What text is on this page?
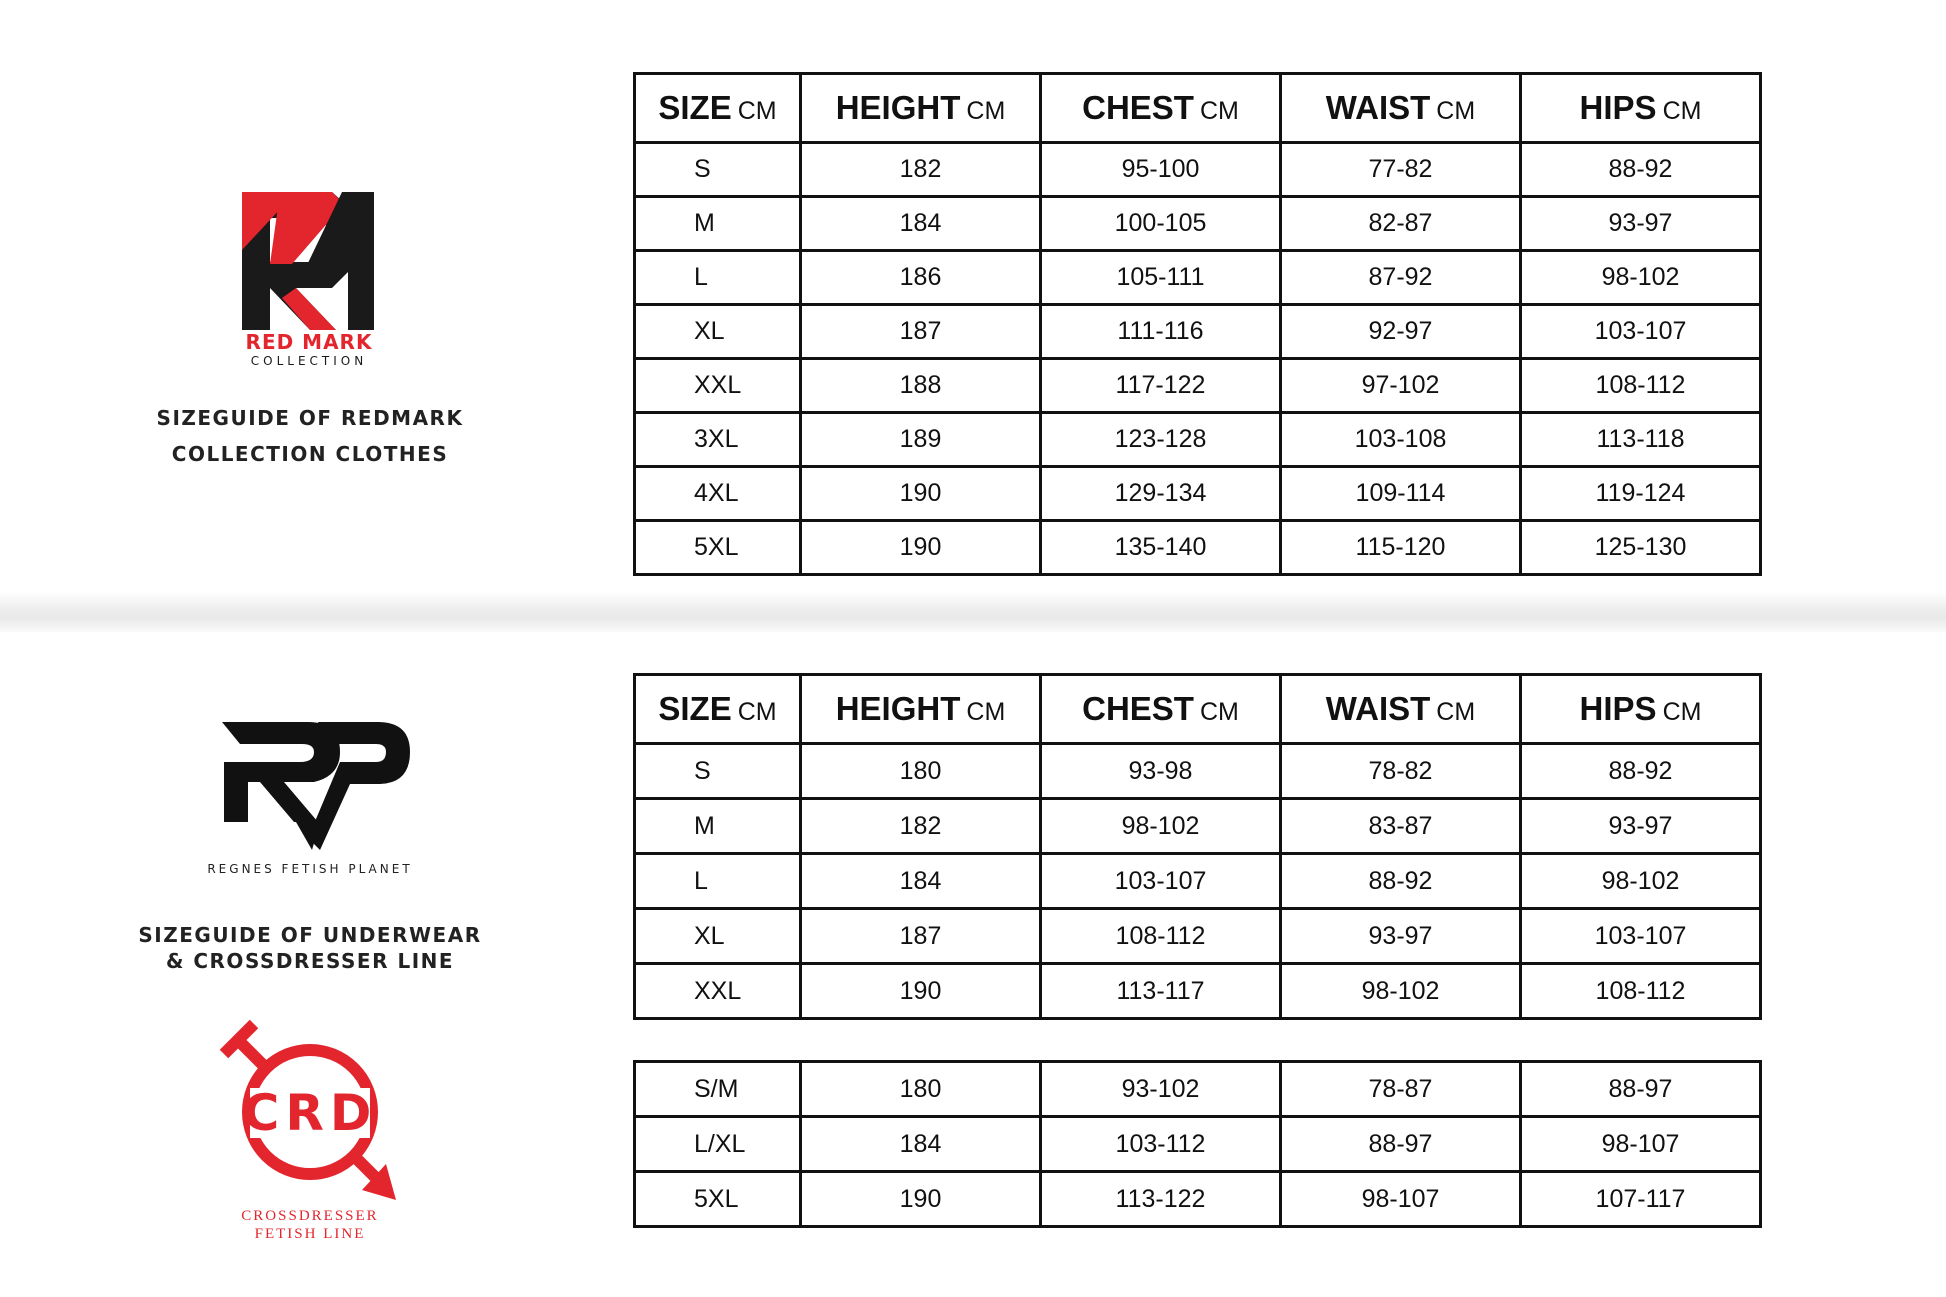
RED MARK
COLLECTION
SIZEGUIDE OF REDMARK
COLLECTION CLOTHES
SIZE CM	HEIGHT CM	CHEST CM	WAIST CM	HIPS CM
S	182	95-100	77-82	88-92
M	184	100-105	82-87	93-97
L	186	105-111	87-92	98-102
XL	187	111-116	92-97	103-107
XXL	188	117-122	97-102	108-112
3XL	189	123-128	103-108	113-118
4XL	190	129-134	109-114	119-124
5XL	190	135-140	115-120	125-130
REGNES FETISH PLANET
SIZEGUIDE OF UNDERWEAR
& CROSSDRESSER LINE
CRD
CROSSDRESSER
FETISH LINE
SIZE CM	HEIGHT CM	CHEST CM	WAIST CM	HIPS CM
S	180	93-98	78-82	88-92
M	182	98-102	83-87	93-97
L	184	103-107	88-92	98-102
XL	187	108-112	93-97	103-107
XXL	190	113-117	98-102	108-112
S/M	180	93-102	78-87	88-97
L/XL	184	103-112	88-97	98-107
5XL	190	113-122	98-107	107-117
